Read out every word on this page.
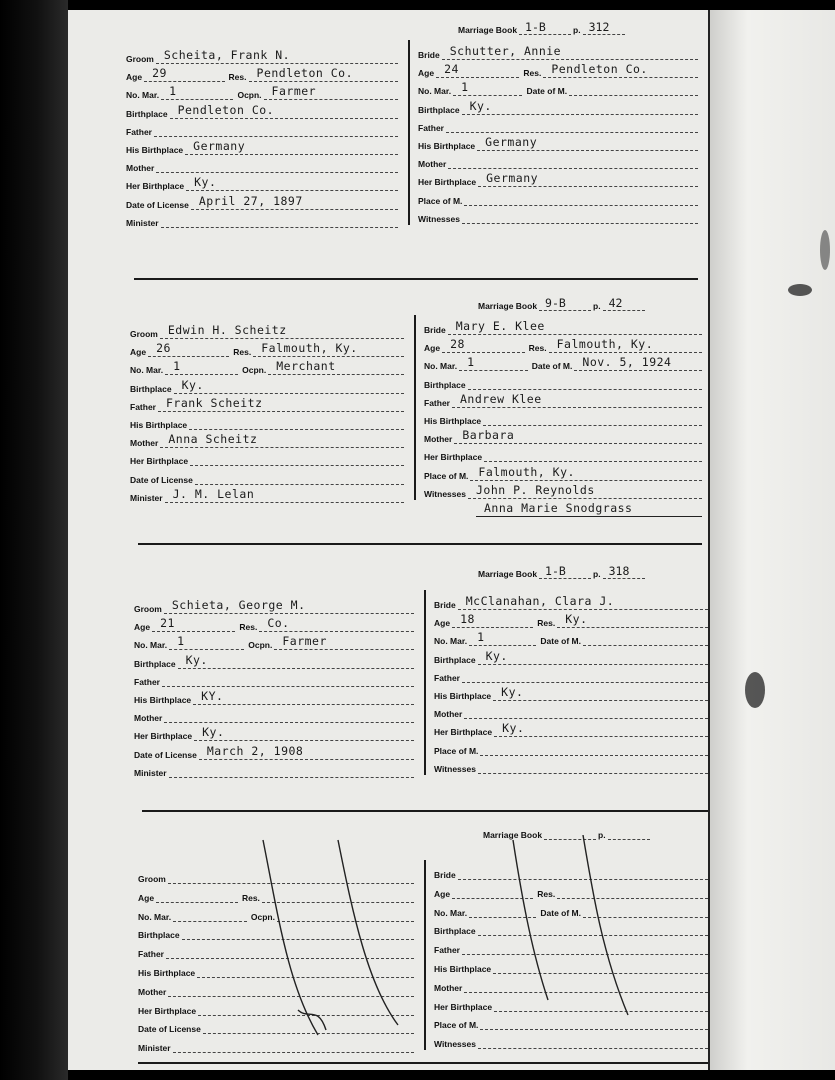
Marriage Book 1-B	p. 312
Groom Scheita, Frank N.
Age 29	Res. Pendleton Co.
No. Mar. 1	Ocpn. Farmer
Birthplace Pendleton Co.
Father
His Birthplace Germany
Mother
Her Birthplace Ky.
Date of License April 27, 1897
Minister
Bride Schutter, Annie
Age 24	Res. Pendleton Co.
No. Mar. 1	Date of M.
Birthplace Ky.
Father
His Birthplace Germany
Mother
Her Birthplace Germany
Place of M.
Witnesses
Marriage Book 9-B	p. 42
Groom Edwin H. Scheitz
Age 26	Res. Falmouth, Ky.
No. Mar. 1	Ocpn. Merchant
Birthplace Ky.
Father Frank Scheitz
His Birthplace
Mother Anna Scheitz
Her Birthplace
Date of License
Minister J. M. Lelan
Bride Mary E. Klee
Age 28	Res. Falmouth, Ky.
No. Mar. 1	Date of M. Nov. 5, 1924
Birthplace
Father Andrew Klee
His Birthplace
Mother Barbara
Her Birthplace
Place of M. Falmouth, Ky.
Witnesses John P. Reynolds
Anna Marie Snodgrass
Marriage Book 1-B	p. 318
Groom Schieta, George M.
Age 21	Res. Co.
No. Mar. 1	Ocpn. Farmer
Birthplace Ky.
Father
His Birthplace KY.
Mother
Her Birthplace Ky.
Date of License March 2, 1908
Minister
Bride McClanahan, Clara J.
Age 18	Res. Ky.
No. Mar. 1	Date of M.
Birthplace Ky.
Father
His Birthplace Ky.
Mother
Her Birthplace Ky.
Place of M.
Witnesses
Marriage Book	p.
Groom
Age	Res.
No. Mar.	Ocpn.
Birthplace
Father
His Birthplace
Mother
Her Birthplace
Date of License
Minister
Bride
Age	Res.
No. Mar.	Date of M.
Birthplace
Father
His Birthplace
Mother
Her Birthplace
Place of M.
Witnesses
